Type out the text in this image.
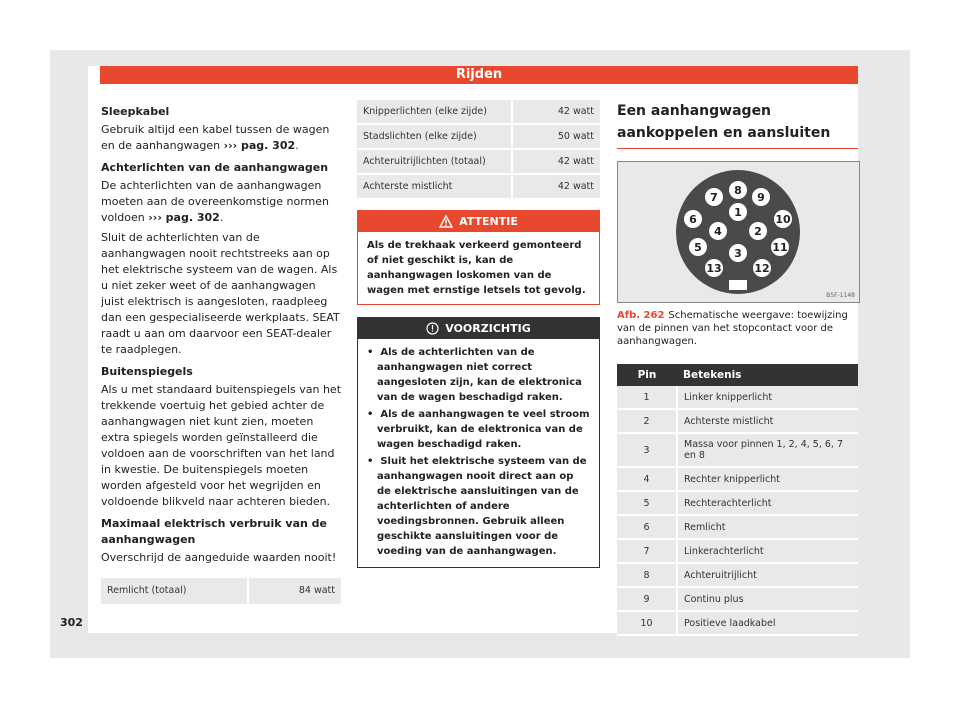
Rijden
Sleepkabel

Gebruik altijd een kabel tussen de wagen en de aanhangwagen ››› pag. 302.

Achterlichten van de aanhangwagen

De achterlichten van de aanhangwagen moeten aan de overeenkomstige normen voldoen ››› pag. 302.

Sluit de achterlichten van de aanhangwagen nooit rechtstreeks aan op het elektrische systeem van de wagen. Als u niet zeker weet of de aanhangwagen juist elektrisch is aangesloten, raadpleeg dan een gespecialiseerde werkplaats. SEAT raadt u aan om daarvoor een SEAT-dealer te raadplegen.

Buitenspiegels

Als u met standaard buitenspiegels van het trekkende voertuig het gebied achter de aanhangwagen niet kunt zien, moeten extra spiegels worden geïnstalleerd die voldoen aan de voorschriften van het land in kwestie. De buitenspiegels moeten worden afgesteld voor het wegrijden en voldoende blikveld naar achteren bieden.

Maximaal elektrisch verbruik van de aanhangwagen

Overschrijd de aangeduide waarden nooit!

Remlicht (totaal)	84 watt
Knipperlichten (elke zijde)	42 watt
Stadslichten (elke zijde)	50 watt
Achteruitrijlichten (totaal)	42 watt
Achterste mistlicht	42 watt
ATTENTIE
Als de trekhaak verkeerd gemonteerd of niet geschikt is, kan de aanhangwagen loskomen van de wagen met ernstige letsels tot gevolg.
VOORZICHTIG

•  Als de achterlichten van de aanhangwagen niet correct aangesloten zijn, kan de elektronica van de wagen beschadigd raken.

•  Als de aanhangwagen te veel stroom verbruikt, kan de elektronica van de wagen beschadigd raken.

•  Sluit het elektrische systeem van de aanhangwagen nooit direct aan op de elektrische aansluitingen van de achterlichten of andere voedingsbronnen. Gebruik alleen geschikte aansluitingen voor de voeding van de aanhangwagen.

Een aanhangwagen aankoppelen en aansluiten
1
2
3
4
5
6
7
8
9
10
11
12
13
B5F-1148
Afb. 262 Schematische weergave: toewijzing van de pinnen van het stopcontact voor de aanhangwagen.
Pin	Betekenis
1	Linker knipperlicht
2	Achterste mistlicht
3	Massa voor pinnen 1, 2, 4, 5, 6, 7 en 8
4	Rechter knipperlicht
5	Rechterachterlicht
6	Remlicht
7	Linkerachterlicht
8	Achteruitrijlicht
9	Continu plus
10	Positieve laadkabel
302
